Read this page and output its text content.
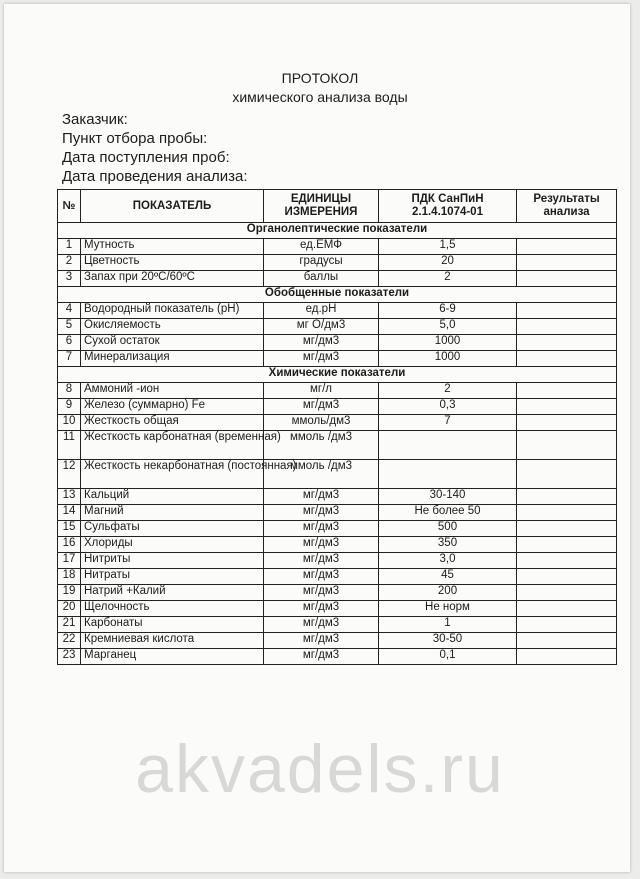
ПРОТОКОЛ
химического анализа воды
Заказчик:
Пункт отбора пробы:
Дата поступления проб:
Дата проведения анализа:
№	ПОКАЗАТЕЛЬ	ЕДИНИЦЫ ИЗМЕРЕНИЯ	ПДК СанПиН 2.1.4.1074-01	Результаты анализа
Органолептические показатели				
1	Мутность	ед.ЕМФ	1,5	
2	Цветность	градусы	20	
3	Запах при 20ºС/60ºС	баллы	2	
Обобщенные показатели				
4	Водородный показатель (рН)	ед.рН	6-9	
5	Окисляемость	мг О/дм3	5,0	
6	Сухой остаток	мг/дм3	1000	
7	Минерализация	мг/дм3	1000	
Химические показатели				
8	Аммоний -ион	мг/л	2	
9	Железо (суммарно) Fe	мг/дм3	0,3	
10	Жесткость общая	ммоль/дм3	7	
11	Жесткость карбонатная (временная)	ммоль /дм3		
12	Жесткость некарбонатная (постоянная)	ммоль /дм3		
13	Кальций	мг/дм3	30-140	
14	Магний	мг/дм3	Не более 50	
15	Сульфаты	мг/дм3	500	
16	Хлориды	мг/дм3	350	
17	Нитриты	мг/дм3	3,0	
18	Нитраты	мг/дм3	45	
19	Натрий +Калий	мг/дм3	200	
20	Щелочность	мг/дм3	Не норм	
21	Карбонаты	мг/дм3	1	
22	Кремниевая кислота	мг/дм3	30-50	
23	Марганец	мг/дм3	0,1	
akvadels.ru
